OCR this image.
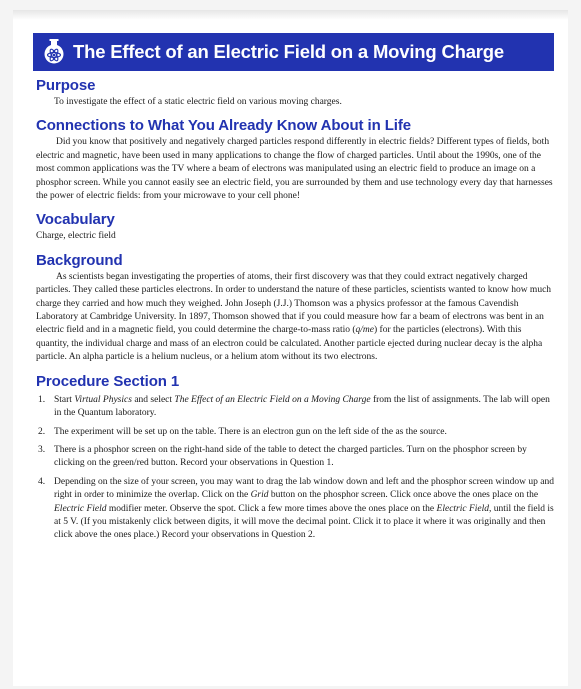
The Effect of an Electric Field on a Moving Charge
Purpose

To investigate the effect of a static electric field on various moving charges.

Connections to What You Already Know About in Life

Did you know that positively and negatively charged particles respond differently in electric fields? Different types of fields, both electric and magnetic, have been used in many applications to change the flow of charged particles. Until about the 1990s, one of the most common applications was the TV where a beam of electrons was manipulated using an electric field to produce an image on a phosphor screen. While you cannot easily see an electric field, you are surrounded by them and use technology every day that harnesses the power of electric fields: from your microwave to your cell phone!

Vocabulary

Charge, electric field

Background

As scientists began investigating the properties of atoms, their first discovery was that they could extract negatively charged particles. They called these particles electrons. In order to understand the nature of these particles, scientists wanted to know how much charge they carried and how much they weighed. John Joseph (J.J.) Thomson was a physics professor at the famous Cavendish Laboratory at Cambridge University. In 1897, Thomson showed that if you could measure how far a beam of electrons was bent in an electric field and in a magnetic field, you could determine the charge-to-mass ratio (q/me) for the particles (electrons). With this quantity, the individual charge and mass of an electron could be calculated. Another particle ejected during nuclear decay is the alpha particle. An alpha particle is a helium nucleus, or a helium atom without its two electrons.

Procedure Section 1
1. Start Virtual Physics and select The Effect of an Electric Field on a Moving Charge from the list of assignments. The lab will open in the Quantum laboratory.
2. The experiment will be set up on the table. There is an electron gun on the left side of the as the source.
3. There is a phosphor screen on the right-hand side of the table to detect the charged particles. Turn on the phosphor screen by clicking on the green/red button. Record your observations in Question 1.
4. Depending on the size of your screen, you may want to drag the lab window down and left and the phosphor screen window up and right in order to minimize the overlap. Click on the Grid button on the phosphor screen. Click once above the ones place on the Electric Field modifier meter. Observe the spot. Click a few more times above the ones place on the Electric Field, until the field is at 5 V. (If you mistakenly click between digits, it will move the decimal point. Click it to place it where it was originally and then click above the ones place.) Record your observations in Question 2.
